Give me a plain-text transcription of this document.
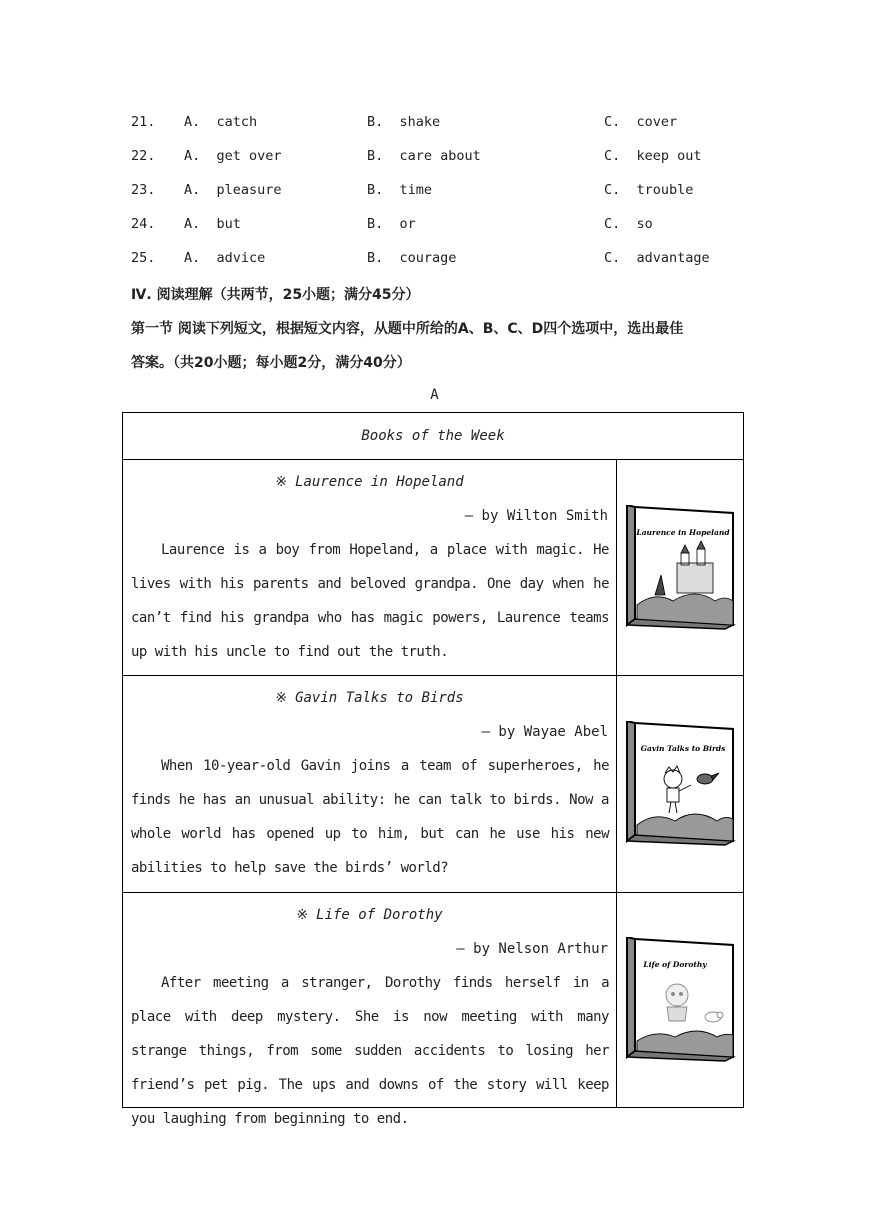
21. A.  catch	B.  shake	C.  cover
22. A.  get over	B.  care about	C.  keep out
23. A.  pleasure	B.  time	C.  trouble
24. A.  but	B.  or	C.  so
25. A.  advice	B.  courage	C.  advantage
Ⅳ. 阅读理解（共两节，25小题；满分45分）
第一节 阅读下列短文，根据短文内容，从题中所给的A、B、C、D四个选项中，选出最佳
答案。（共20小题；每小题2分，满分40分）
A
Books of the Week
※ Laurence in Hopeland
— by Wilton Smith
Laurence is a boy from Hopeland, a place with magic. He lives with his parents and beloved grandpa. One day when he can’t find his grandpa who has magic powers, Laurence teams up with his uncle to find out the truth.
Laurence in Hopeland
※ Gavin Talks to Birds
— by Wayae Abel
When 10-year-old Gavin joins a team of superheroes, he finds he has an unusual ability: he can talk to birds. Now a whole world has opened up to him, but can he use his new abilities to help save the birds’ world?
Gavin Talks to Birds
※ Life of Dorothy
— by Nelson Arthur
After meeting a stranger, Dorothy finds herself in a place with deep mystery. She is now meeting with many strange things, from some sudden accidents to losing her friend’s pet pig. The ups and downs of the story will keep you laughing from beginning to end.
Life of Dorothy
